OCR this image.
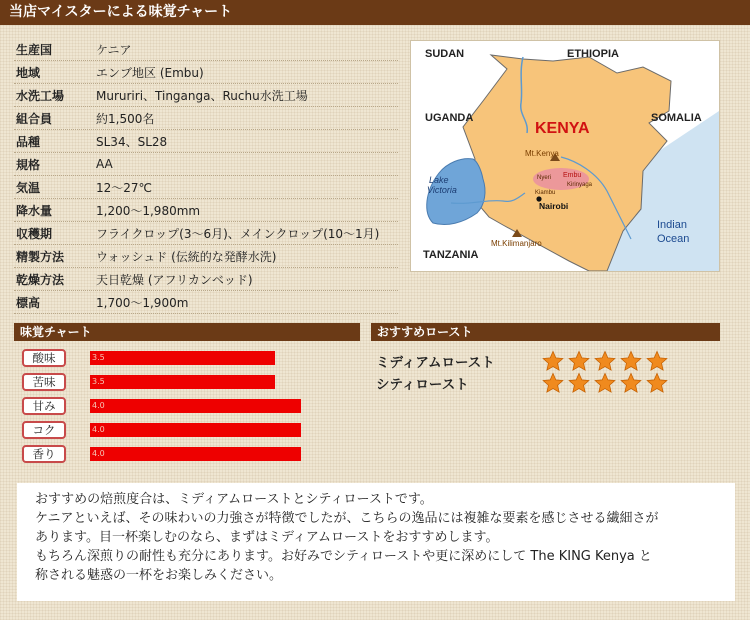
当店マイスターによる味覚チャート
生産国	ケニア
地域	エンブ地区 (Embu)
水洗工場	Mururiri、Tinganga、Ruchu水洗工場
組合員	約1,500名
品種	SL34、SL28
規格	AA
気温	12～27℃
降水量	1,200～1,980mm
収穫期	フライクロップ(3～6月)、メインクロップ(10～1月)
精製方法	ウォッシュド (伝統的な発酵水洗)
乾燥方法	天日乾燥 (アフリカンベッド)
標高	1,700～1,900m
SUDAN	ETHIOPIA
UGANDA	SOMALIA
KENYA
Lake
Victoria
Indian
Ocean
TANZANIA
Mt.Kenya
Nyeri Embu
Kirinyaga
Kiambu
Nairobi
Mt.Kilimanjaro
味覚チャート	おすすめロースト
酸味	3.5
苦味	3.5
甘み	4.0
コク	4.0
香り	4.0
ミディアムロースト
シティロースト

おすすめの焙煎度合は、ミディアムローストとシティローストです。

ケニアといえば、その味わいの力強さが特徴でしたが、こちらの逸品には複雑な要素を感じさせる繊細さが

あります。目一杯楽しむのなら、まずはミディアムローストをおすすめします。

もちろん深煎りの耐性も充分にあります。お好みでシティローストや更に深めにして The KING Kenya と

称される魅惑の一杯をお楽しみください。
